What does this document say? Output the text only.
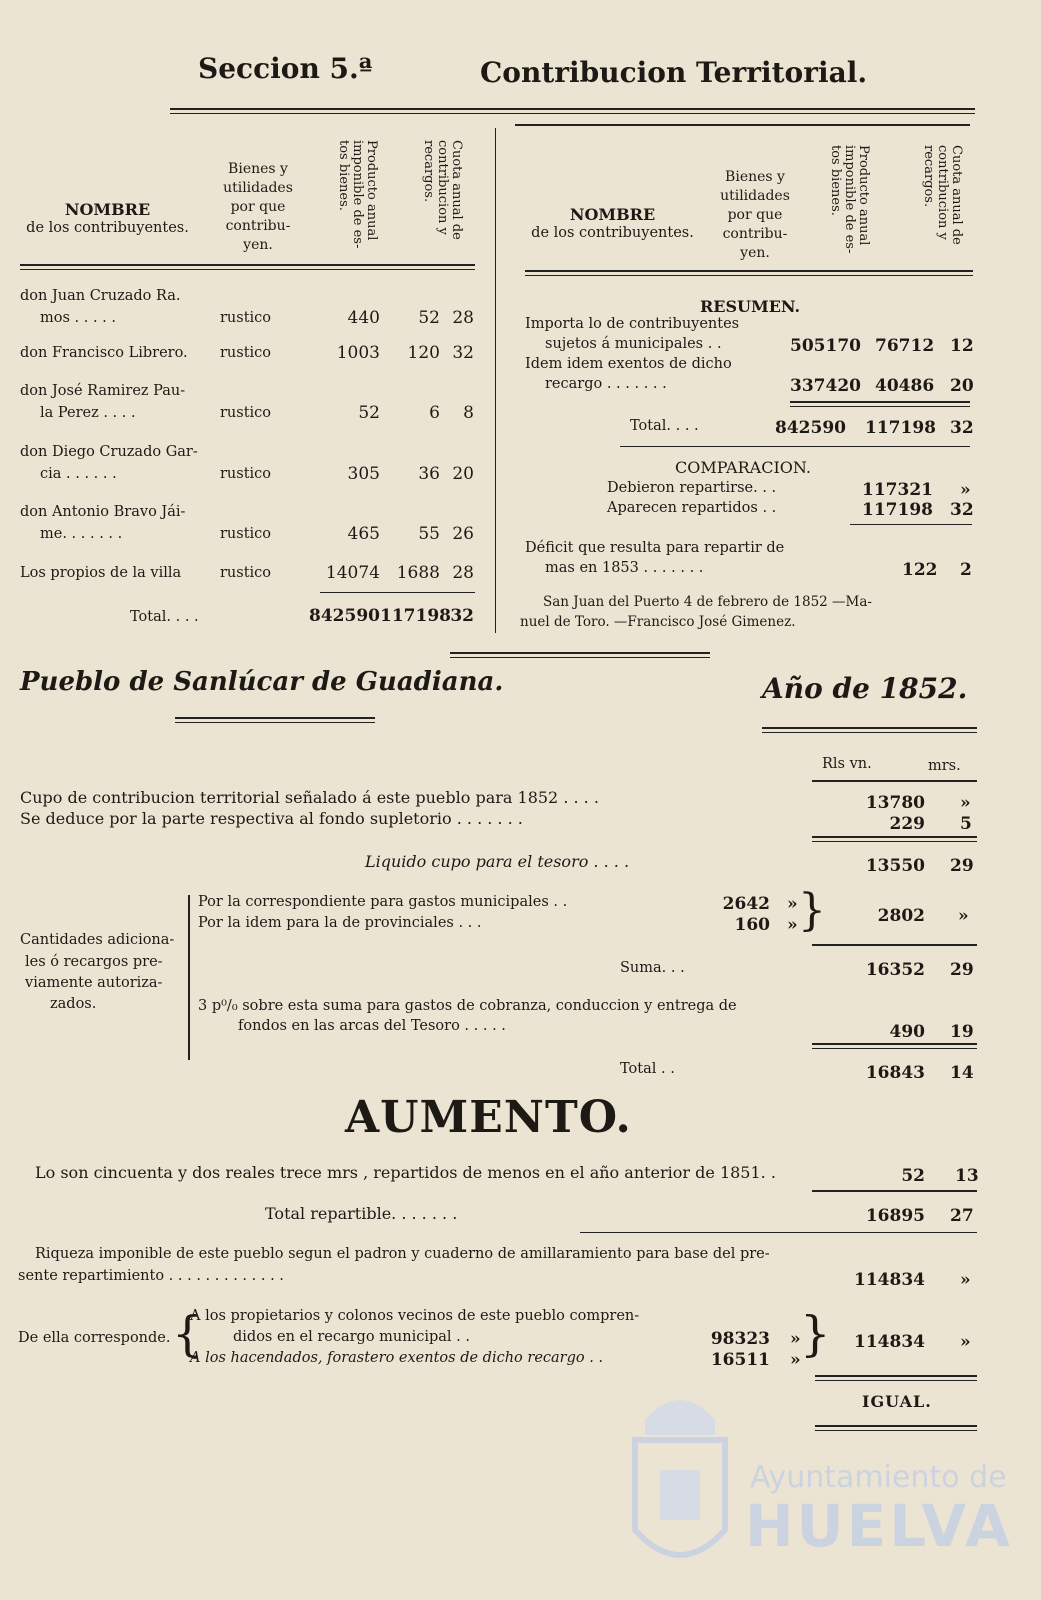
Seccion 5.ª	Contribucion Territorial.
NOMBRE
de los contribuyentes.
Bienes y utilidades por que contribu- yen.
Producto anual imponible de es- tos bienes.	Cuota anual de contribucion y recargos.
don Juan Cruzado Ra.
mos . . . . .	rustico	440	52 28
don Francisco Librero. rustico	1003	120 32
don José Ramirez Pau-
la Perez . . . .	rustico	52	6	8
don Diego Cruzado Gar-
cia . . . . . .	rustico	305	36 20
don Antonio Bravo Jái-
me. . . . . . .	rustico	465	55 26
Los propios de la villa	rustico	14074 1688 28
Total. . . .	842590 117198 32
NOMBRE
de los contribuyentes.
Bienes y utilidades por que contribu- yen.
Producto anual imponible de es- tos bienes.	Cuota anual de contribucion y recargos.
RESUMEN.
Importa lo de contribuyentes
sujetos á municipales . .	505170 76712 12
Idem idem exentos de dicho
recargo . . . . . . .	337420 40486 20
Total. . . .	842590 117198 32
COMPARACION.
Debieron repartirse. . .	117321 »
Aparecen repartidos . .	117198 32
Déficit que resulta para repartir de
mas en 1853 . . . . . . .	122 2
San Juan del Puerto 4 de febrero de 1852 —Ma-
nuel de Toro. —Francisco José Gimenez.
Pueblo de Sanlúcar de Guadiana.	Año de 1852.
Rls vn.	mrs.
Cupo de contribucion territorial señalado á este pueblo para 1852 . . . .	13780 »
Se deduce por la parte respectiva al fondo supletorio . . . . . . .	229 5
Liquido cupo para el tesoro . . . .	13550 29
Cantidades adiciona-
les ó recargos pre-
viamente autoriza-
zados.
Por la correspondiente para gastos municipales . .	2642 »
Por la idem para la de provinciales . . .	160 » }	2802 »
Suma. . .	16352 29
3 p⁰/₀ sobre esta suma para gastos de cobranza, conduccion y entrega de
fondos en las arcas del Tesoro . . . . .	490 19
Total . .	16843 14
AUMENTO.
Lo son cincuenta y dos reales trece mrs , repartidos de menos en el año anterior de 1851. .	52 13
Total repartible. . . . . . .	16895 27
Riqueza imponible de este pueblo segun el padron y cuaderno de amillaramiento para base del pre-
sente repartimiento . . . . . . . . . . . . .	114834 »
De ella corresponde. {
A los propietarios y colonos vecinos de este pueblo compren-
didos en el recargo municipal . .	98323 »
A los hacendados, forastero exentos de dicho recargo . .	16511 » }	114834 »
IGUAL.
Ayuntamiento de
HUELVA
